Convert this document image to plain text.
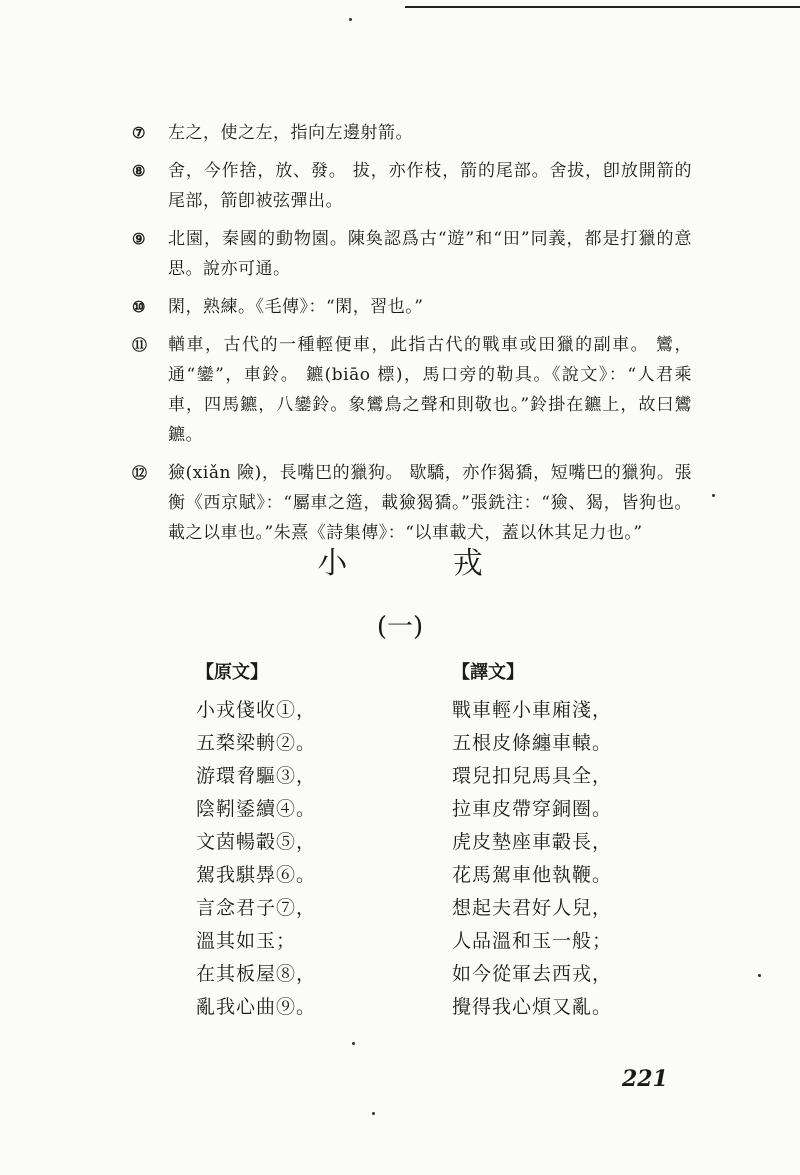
⑦ 左之，使之左，指向左邊射箭。
⑧ 舍，今作捨，放、發。 拔，亦作枝，箭的尾部。舍拔，卽放開箭的尾部，箭卽被弦彈出。
⑨ 北園，秦國的動物園。陳奐認爲古“遊”和“田”同義，都是打獵的意思。說亦可通。
⑩ 閑，熟練。《毛傳》：“閑，習也。”
⑪ 輶車，古代的一種輕便車，此指古代的戰車或田獵的副車。 鸞，通“鑾”，車鈴。 鑣(biāo 標)，馬口旁的勒具。《說文》：“人君乘車，四馬鑣，八鑾鈴。象鸞鳥之聲和則敬也。”鈴掛在鑣上，故曰鸞鑣。
⑫ 獫(xiǎn 險)，長嘴巴的獵狗。 歇驕，亦作猲獢，短嘴巴的獵狗。張衡《西京賦》：“屬車之簉，載獫猲獢。”張銑注：“獫、猲，皆狗也。載之以車也。”朱熹《詩集傳》：“以車載犬，蓋以休其足力也。”
小 戎
(一)
【原文】
小戎俴收①，
五楘梁輈②。
游環脅驅③，
陰靷鋈續④。
文茵暢轂⑤，
駕我騏馵⑥。
言念君子⑦，
溫其如玉；
在其板屋⑧，
亂我心曲⑨。
【譯文】
戰車輕小車廂淺，
五根皮條纏車轅。
環兒扣兒馬具全，
拉車皮帶穿銅圈。
虎皮墊座車轂長，
花馬駕車他執鞭。
想起夫君好人兒，
人品溫和玉一般；
如今從軍去西戎，
攪得我心煩又亂。
221
